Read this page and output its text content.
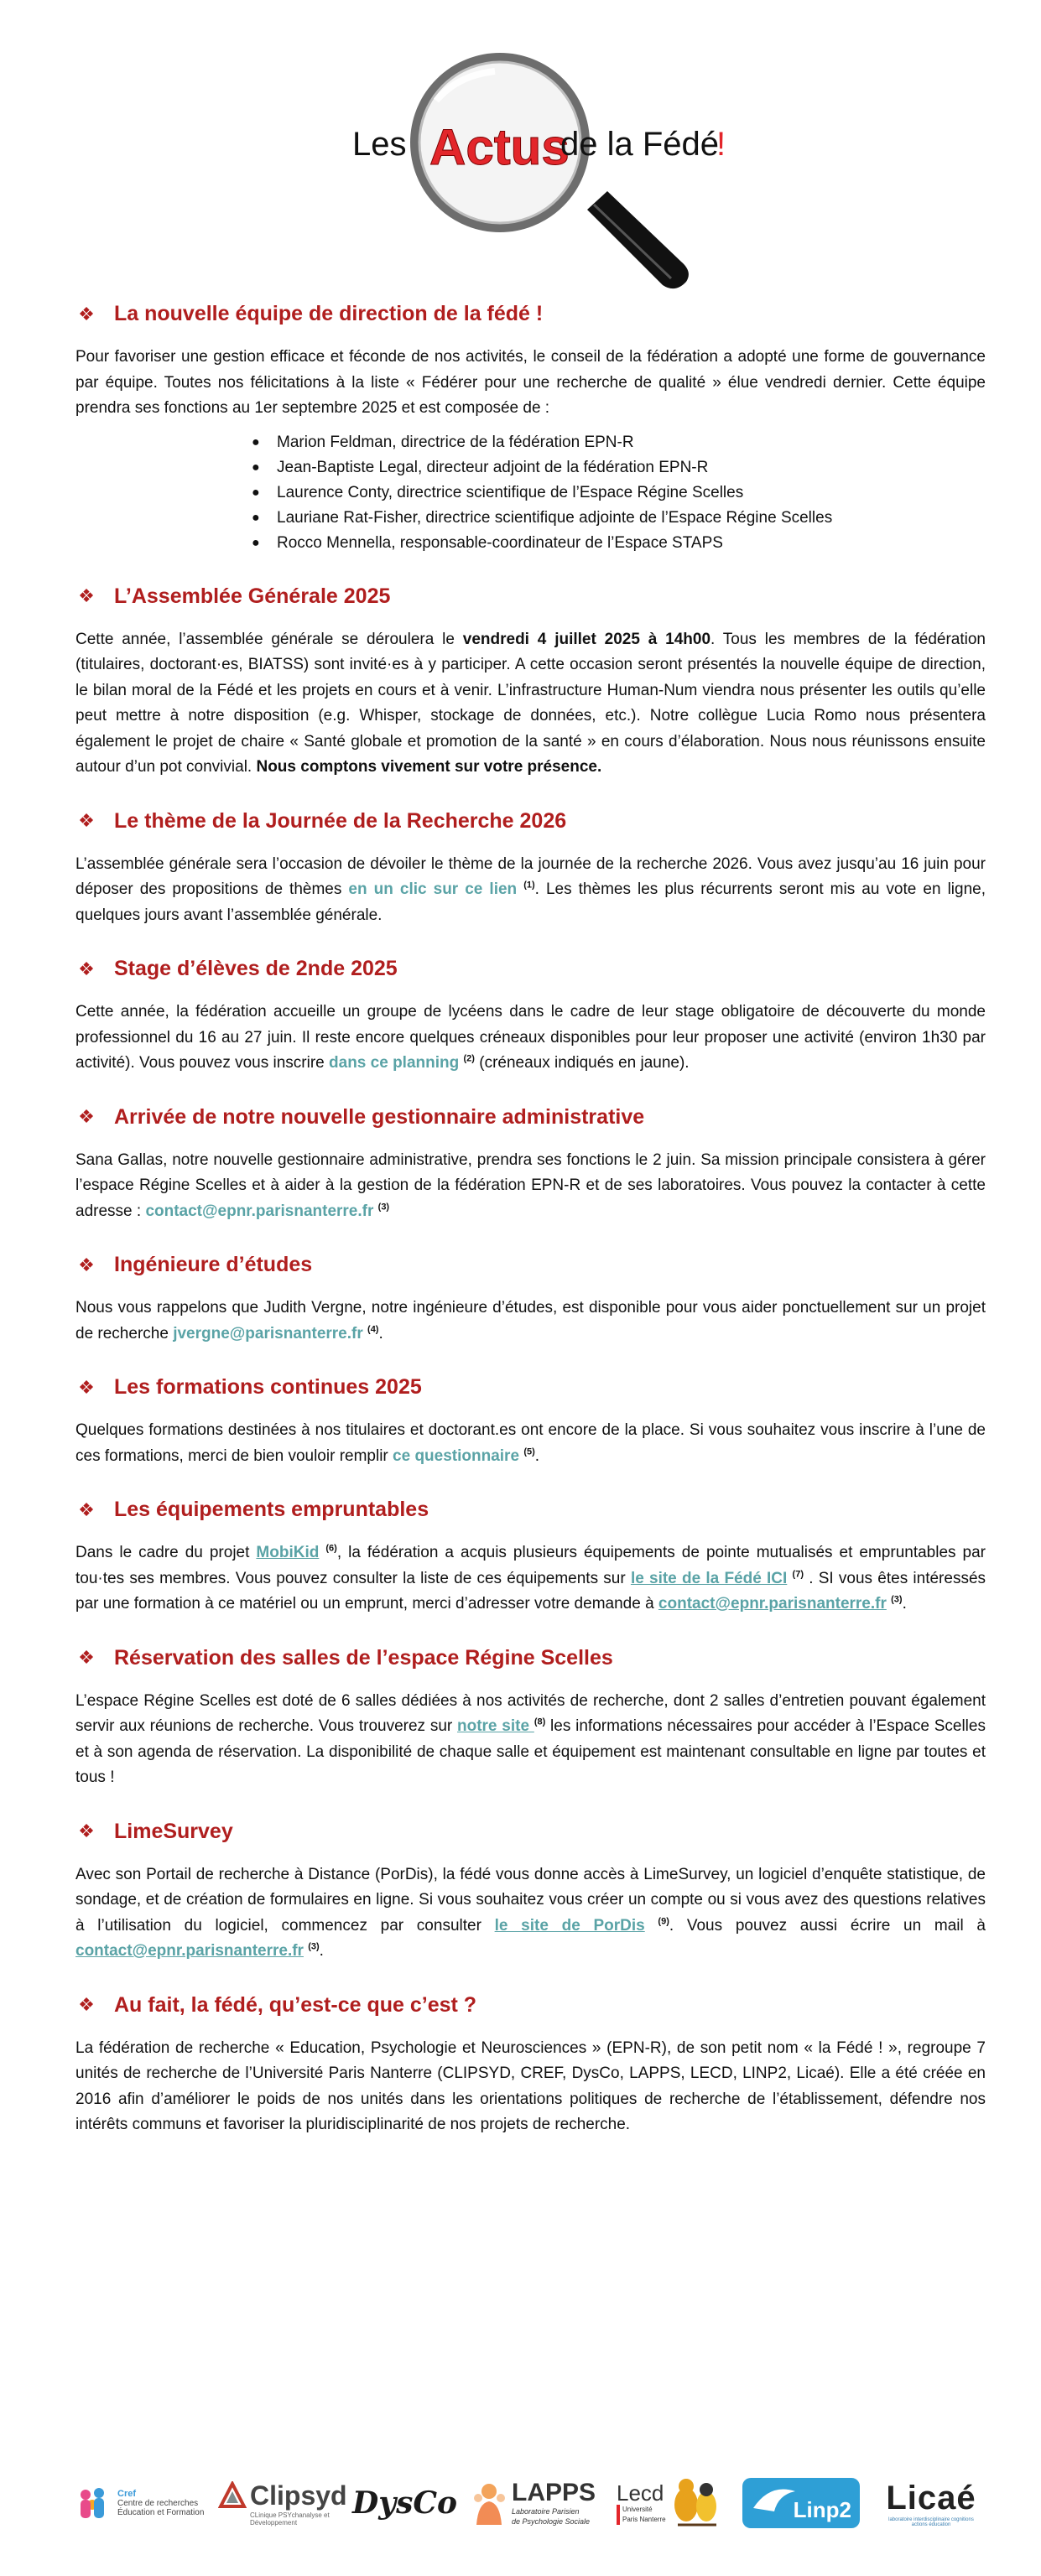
Les Actus
de la Fédé
!
❖ La nouvelle équipe de direction de la fédé !

Pour favoriser une gestion efficace et féconde de nos activités, le conseil de la fédération a adopté une forme de gouvernance par équipe. Toutes nos félicitations à la liste « Fédérer pour une recherche de qualité » élue vendredi dernier. Cette équipe prendra ses fonctions au 1er septembre 2025 et est composée de :

● Marion Feldman, directrice de la fédération EPN-R
● Jean-Baptiste Legal, directeur adjoint de la fédération EPN-R
● Laurence Conty, directrice scientifique de l’Espace Régine Scelles
● Lauriane Rat-Fisher, directrice scientifique adjointe de l’Espace Régine Scelles
● Rocco Mennella, responsable-coordinateur de l’Espace STAPS
❖ L’Assemblée Générale 2025

Cette année, l’assemblée générale se déroulera le vendredi 4 juillet 2025 à 14h00. Tous les membres de la fédération (titulaires, doctorant·es, BIATSS) sont invité·es à y participer. A cette occasion seront présentés la nouvelle équipe de direction, le bilan moral de la Fédé et les projets en cours et à venir. L’infrastructure Human-Num viendra nous présenter les outils qu’elle peut mettre à notre disposition (e.g. Whisper, stockage de données, etc.). Notre collègue Lucia Romo nous présentera également le projet de chaire « Santé globale et promotion de la santé » en cours d’élaboration. Nous nous réunissons ensuite autour d’un pot convivial. Nous comptons vivement sur votre présence.

❖ Le thème de la Journée de la Recherche 2026

L’assemblée générale sera l’occasion de dévoiler le thème de la journée de la recherche 2026. Vous avez jusqu’au 16 juin pour déposer des propositions de thèmes en un clic sur ce lien $^{(1)}$. Les thèmes les plus récurrents seront mis au vote en ligne, quelques jours avant l’assemblée générale.

❖ Stage d’élèves de 2nde 2025

Cette année, la fédération accueille un groupe de lycéens dans le cadre de leur stage obligatoire de découverte du monde professionnel du 16 au 27 juin. Il reste encore quelques créneaux disponibles pour leur proposer une activité (environ 1h30 par activité). Vous pouvez vous inscrire dans ce planning $^{(2)}$ (créneaux indiqués en jaune).

❖ Arrivée de notre nouvelle gestionnaire administrative

Sana Gallas, notre nouvelle gestionnaire administrative, prendra ses fonctions le 2 juin. Sa mission principale consistera à gérer l’espace Régine Scelles et à aider à la gestion de la fédération EPN-R et de ses laboratoires. Vous pouvez la contacter à cette adresse : contact@epnr.parisnanterre.fr $^{(3)}$

❖ Ingénieure d’études

Nous vous rappelons que Judith Vergne, notre ingénieure d’études, est disponible pour vous aider ponctuellement sur un projet de recherche jvergne@parisnanterre.fr $^{(4)}$.

❖ Les formations continues 2025

Quelques formations destinées à nos titulaires et doctorant.es ont encore de la place. Si vous souhaitez vous inscrire à l’une de ces formations, merci de bien vouloir remplir ce questionnaire $^{(5)}$.

❖ Les équipements empruntables

Dans le cadre du projet MobiKid $^{(6)}$, la fédération a acquis plusieurs équipements de pointe mutualisés et empruntables par tou·tes ses membres. Vous pouvez consulter la liste de ces équipements sur le site de la Fédé ICI $^{(7)}$ . SI vous êtes intéressés par une formation à ce matériel ou un emprunt, merci d’adresser votre demande à contact@epnr.parisnanterre.fr $^{(3)}$.

❖ Réservation des salles de l’espace Régine Scelles

L’espace Régine Scelles est doté de 6 salles dédiées à nos activités de recherche, dont 2 salles d’entretien pouvant également servir aux réunions de recherche. Vous trouverez sur notre site $^{(8)}$ les informations nécessaires pour accéder à l’Espace Scelles et à son agenda de réservation. La disponibilité de chaque salle et équipement est maintenant consultable en ligne par toutes et tous !

❖ LimeSurvey

Avec son Portail de recherche à Distance (PorDis), la fédé vous donne accès à LimeSurvey, un logiciel d’enquête statistique, de sondage, et de création de formulaires en ligne. Si vous souhaitez vous créer un compte ou si vous avez des questions relatives à l’utilisation du logiciel, commencez par consulter le site de PorDis $^{(9)}$. Vous pouvez aussi écrire un mail à contact@epnr.parisnanterre.fr $^{(3)}$.

❖ Au fait, la fédé, qu’est-ce que c’est ?

La fédération de recherche « Education, Psychologie et Neurosciences » (EPN-R), de son petit nom « la Fédé ! », regroupe 7 unités de recherche de l’Université Paris Nanterre (CLIPSYD, CREF, DysCo, LAPPS, LECD, LINP2, Licaé). Elle a été créée en 2016 afin d’améliorer le poids de nos unités dans les orientations politiques de recherche de l’établissement, défendre nos intérêts communs et favoriser la pluridisciplinarité de nos projets de recherche.

Cref
Centre de recherches
Éducation et Formation
Clipsyd
CLinique PSYchanalyse et Développement
DysCo LAPPS
Laboratoire Parisien
de Psychologie Sociale
Lecd
Université
Paris Nanterre	Linp2 Licaé
laboratoire interdisciplinaire cognitions actions éducation
